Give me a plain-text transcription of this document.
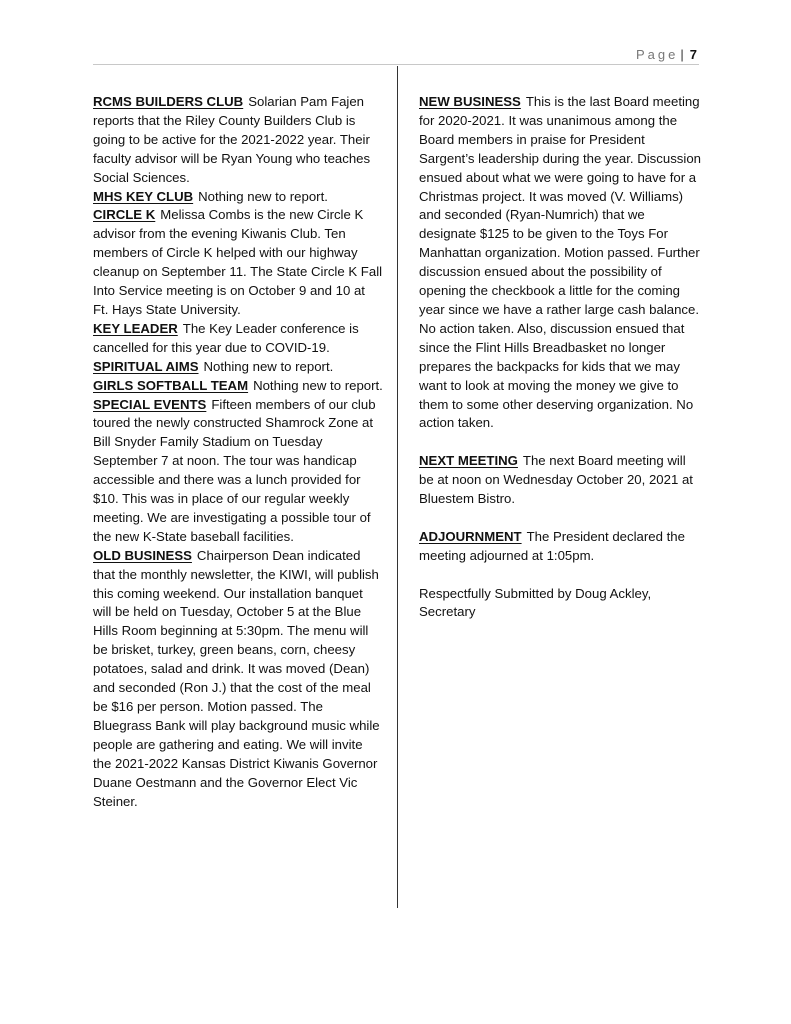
Page | 7

RCMS BUILDERS CLUB Solarian Pam Fajen reports that the Riley County Builders Club is going to be active for the 2021-2022 year. Their faculty advisor will be Ryan Young who teaches Social Sciences.

MHS KEY CLUB Nothing new to report.

CIRCLE K Melissa Combs is the new Circle K advisor from the evening Kiwanis Club. Ten members of Circle K helped with our highway cleanup on September 11. The State Circle K Fall Into Service meeting is on October 9 and 10 at Ft. Hays State University.

KEY LEADER The Key Leader conference is cancelled for this year due to COVID-19.

SPIRITUAL AIMS Nothing new to report.

GIRLS SOFTBALL TEAM Nothing new to report.

SPECIAL EVENTS Fifteen members of our club toured the newly constructed Shamrock Zone at Bill Snyder Family Stadium on Tuesday September 7 at noon. The tour was handicap accessible and there was a lunch provided for $10. This was in place of our regular weekly meeting. We are investigating a possible tour of the new K-State baseball facilities.

OLD BUSINESS Chairperson Dean indicated that the monthly newsletter, the KIWI, will publish this coming weekend. Our installation banquet will be held on Tuesday, October 5 at the Blue Hills Room beginning at 5:30pm. The menu will be brisket, turkey, green beans, corn, cheesy potatoes, salad and drink. It was moved (Dean) and seconded (Ron J.) that the cost of the meal be $16 per person. Motion passed. The Bluegrass Bank will play background music while people are gathering and eating. We will invite the 2021-2022 Kansas District Kiwanis Governor Duane Oestmann and the Governor Elect Vic Steiner.

NEW BUSINESS This is the last Board meeting for 2020-2021. It was unanimous among the Board members in praise for President Sargent’s leadership during the year. Discussion ensued about what we were going to have for a Christmas project. It was moved (V. Williams) and seconded (Ryan-Numrich) that we designate $125 to be given to the Toys For Manhattan organization. Motion passed. Further discussion ensued about the possibility of opening the checkbook a little for the coming year since we have a rather large cash balance. No action taken. Also, discussion ensued that since the Flint Hills Breadbasket no longer prepares the backpacks for kids that we may want to look at moving the money we give to them to some other deserving organization. No action taken.

NEXT MEETING The next Board meeting will be at noon on Wednesday October 20, 2021 at Bluestem Bistro.

ADJOURNMENT The President declared the meeting adjourned at 1:05pm.

Respectfully Submitted by Doug Ackley, Secretary
